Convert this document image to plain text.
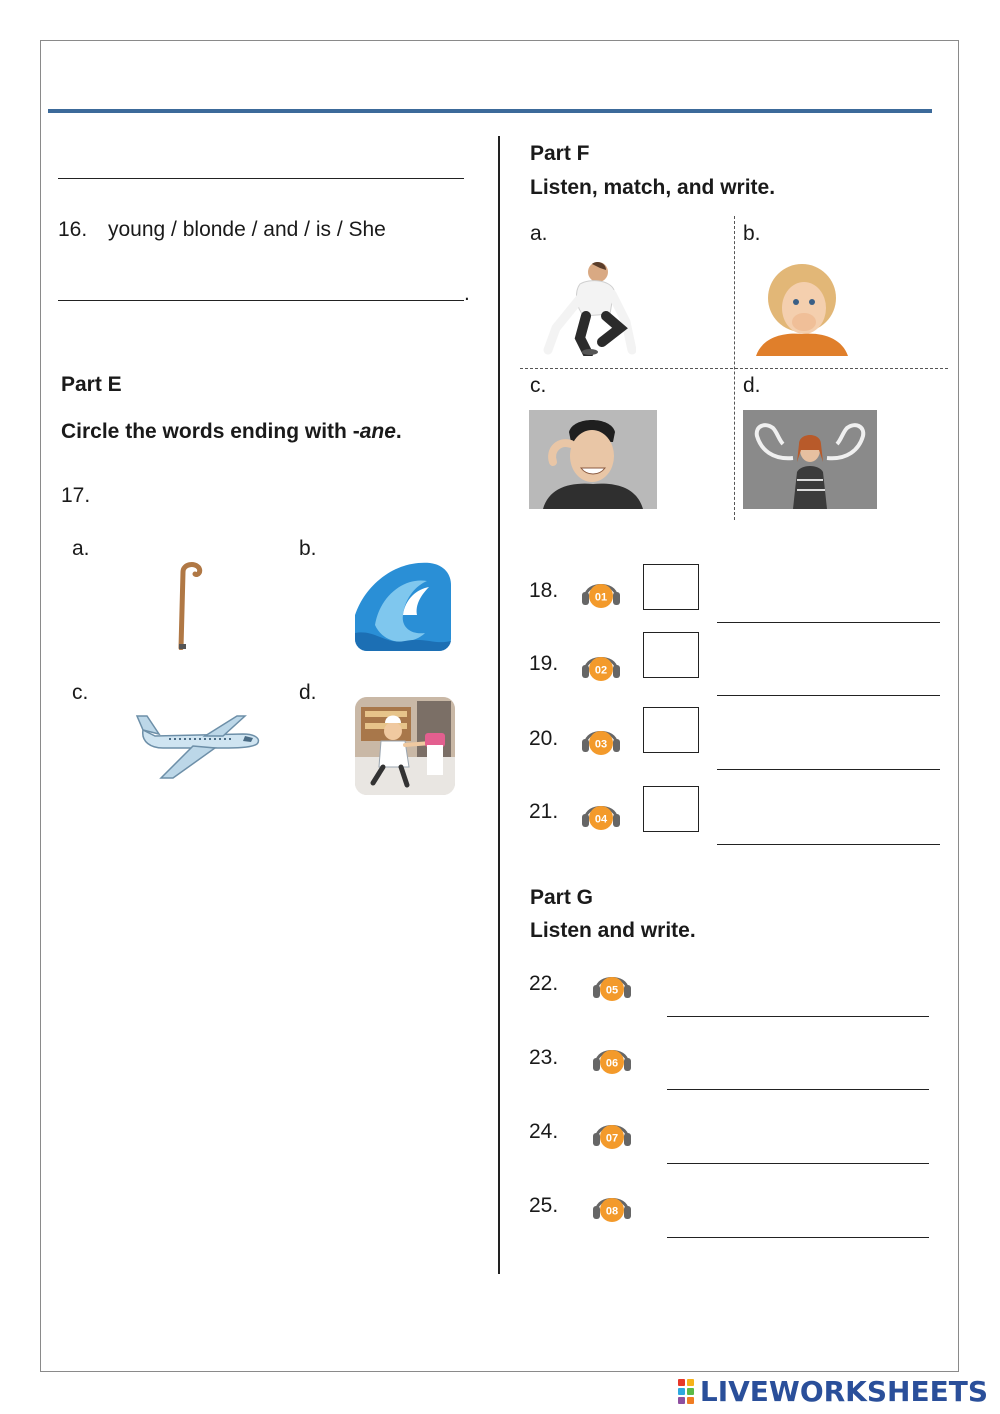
16. young / blonde / and / is / She
.
Part E
Circle the words ending with -ane.
17.
a.	b.
c.	d.
Part F
Listen, match, and write.
a.	b.
c.	d.
18.	01
19.	02
20.	03
21.	04
Part G
Listen and write.
22.	05
23.	06
24.	07
25.	08
LIVEWORKSHEETS
